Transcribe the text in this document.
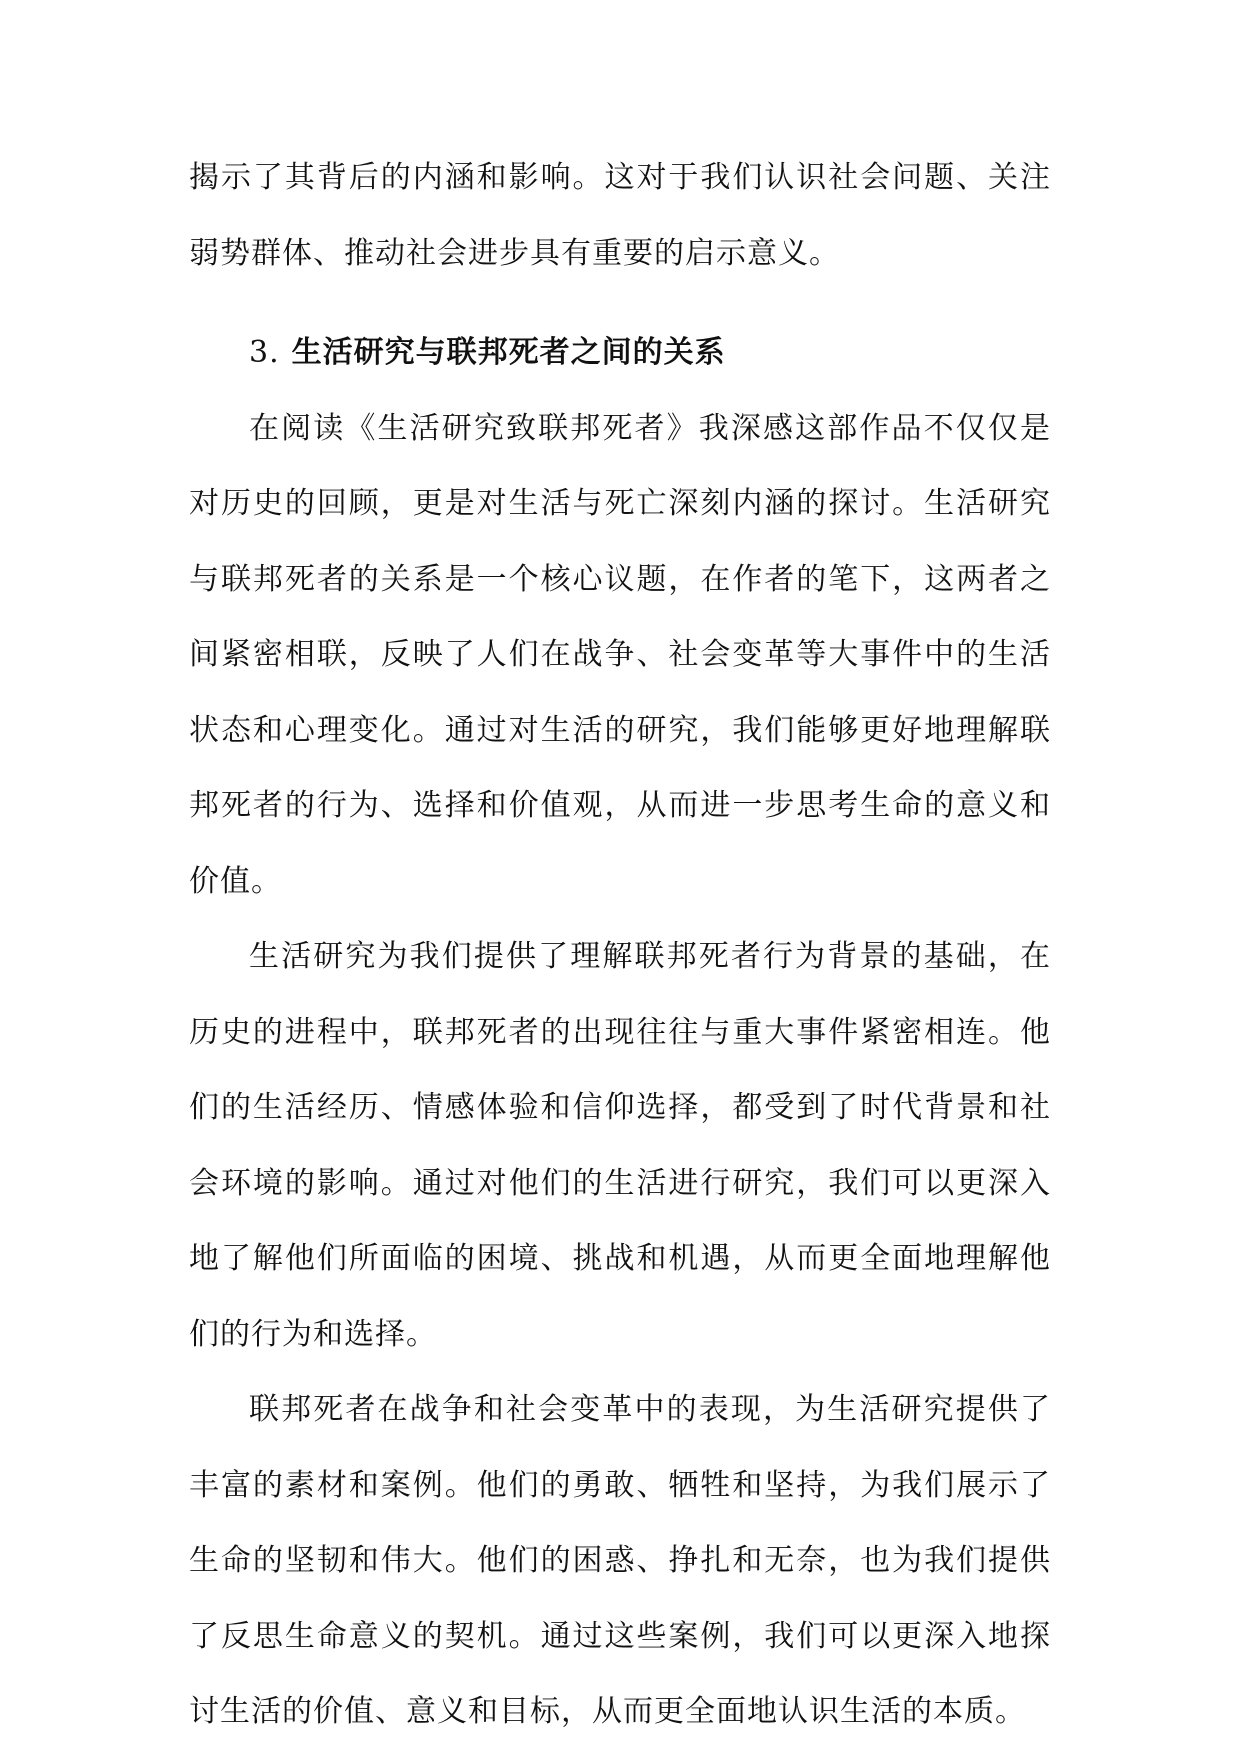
揭示了其背后的内涵和影响。这对于我们认识社会问题、关注弱势群体、推动社会进步具有重要的启示意义。

3. 生活研究与联邦死者之间的关系

在阅读《生活研究致联邦死者》我深感这部作品不仅仅是对历史的回顾，更是对生活与死亡深刻内涵的探讨。生活研究与联邦死者的关系是一个核心议题，在作者的笔下，这两者之间紧密相联，反映了人们在战争、社会变革等大事件中的生活状态和心理变化。通过对生活的研究，我们能够更好地理解联邦死者的行为、选择和价值观，从而进一步思考生命的意义和价值。

生活研究为我们提供了理解联邦死者行为背景的基础，在历史的进程中，联邦死者的出现往往与重大事件紧密相连。他们的生活经历、情感体验和信仰选择，都受到了时代背景和社会环境的影响。通过对他们的生活进行研究，我们可以更深入地了解他们所面临的困境、挑战和机遇，从而更全面地理解他们的行为和选择。

联邦死者在战争和社会变革中的表现，为生活研究提供了丰富的素材和案例。他们的勇敢、牺牲和坚持，为我们展示了生命的坚韧和伟大。他们的困惑、挣扎和无奈，也为我们提供了反思生命意义的契机。通过这些案例，我们可以更深入地探讨生活的价值、意义和目标，从而更全面地认识生活的本质。
